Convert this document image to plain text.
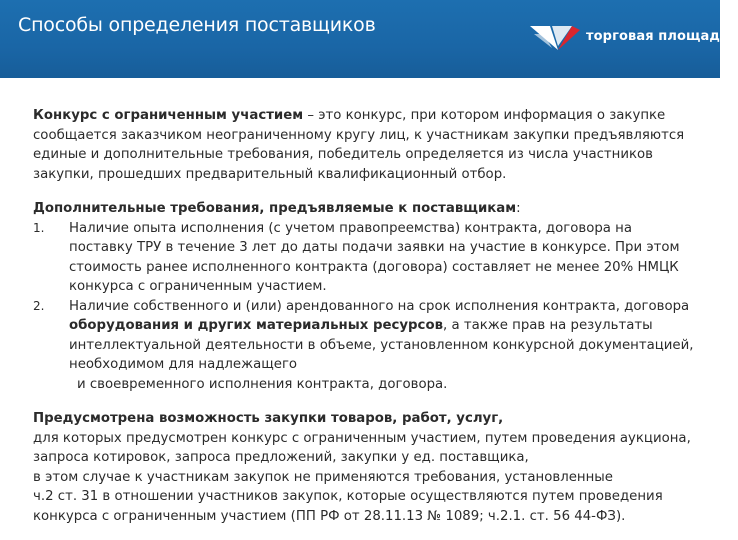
Способы определения поставщиков
торговая площадка

Конкурс с ограниченным участием – это конкурс, при котором информация о закупке сообщается заказчиком неограниченному кругу лиц, к участникам закупки предъявляются единые и дополнительные требования, победитель определяется из числа участников закупки, прошедших предварительный квалификационный отбор.

Дополнительные требования, предъявляемые к поставщикам:

1. Наличие опыта исполнения (с учетом правопреемства) контракта, договора на поставку ТРУ в течение 3 лет до даты подачи заявки на участие в конкурсе. При этом стоимость ранее исполненного контракта (договора) составляет не менее 20% НМЦК конкурса с ограниченным участием.
2. Наличие собственного и (или) арендованного на срок исполнения контракта, договора оборудования и других материальных ресурсов, а также прав на результаты интеллектуальной деятельности в объеме, установленном конкурсной документацией, необходимом для надлежащего
и своевременного исполнения контракта, договора.

Предусмотрена возможность закупки товаров, работ, услуг,
для которых предусмотрен конкурс с ограниченным участием, путем проведения аукциона, запроса котировок, запроса предложений, закупки у ед. поставщика,
в этом случае к участникам закупок не применяются требования, установленные
ч.2 ст. 31 в отношении участников закупок, которые осуществляются путем проведения конкурса с ограниченным участием (ПП РФ от 28.11.13 № 1089; ч.2.1. ст. 56 44-ФЗ).
